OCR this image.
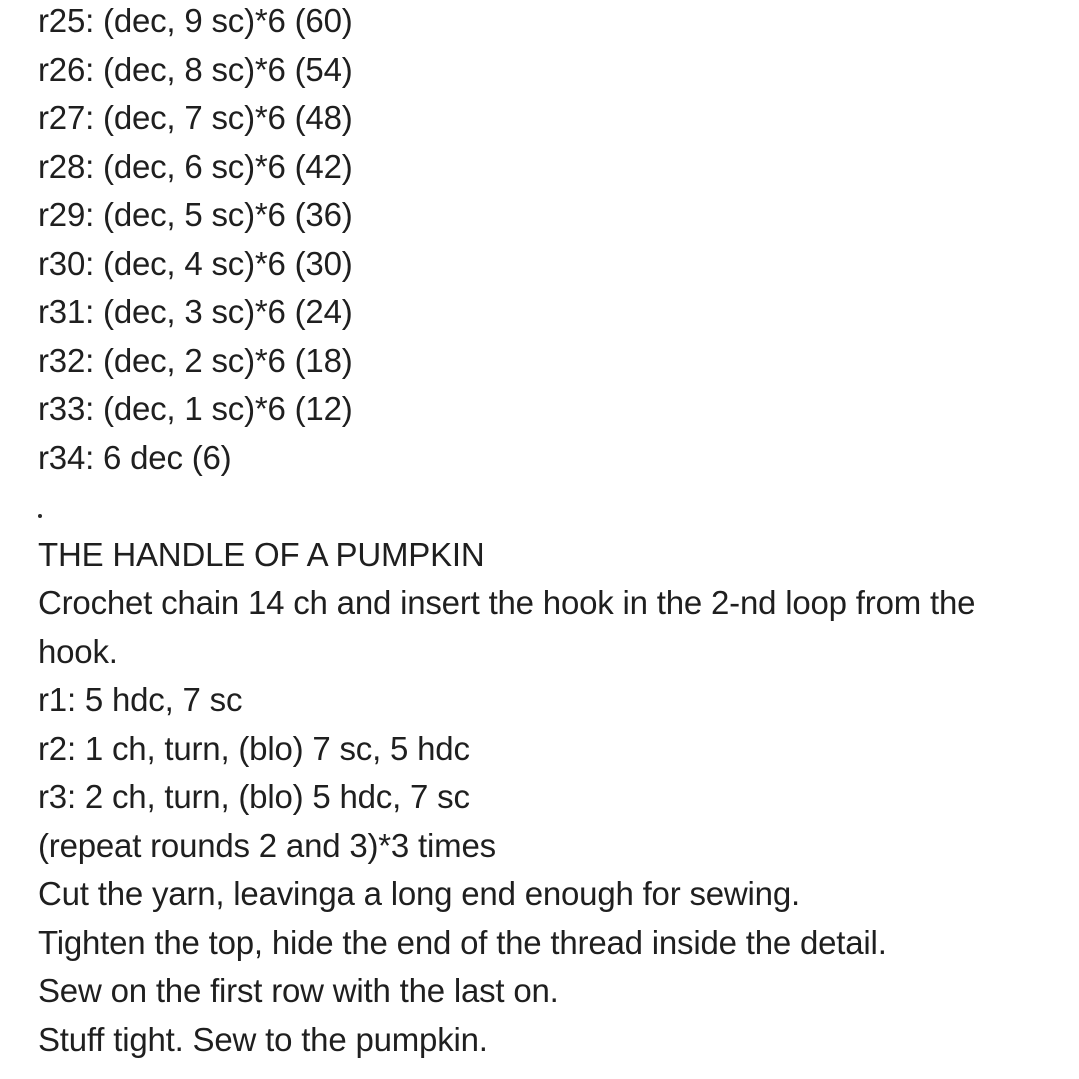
r25: (dec, 9 sc)*6 (60)
r26: (dec, 8 sc)*6 (54)
r27: (dec, 7 sc)*6 (48)
r28: (dec, 6 sc)*6 (42)
r29: (dec, 5 sc)*6 (36)
r30: (dec, 4 sc)*6 (30)
r31: (dec, 3 sc)*6 (24)
r32: (dec, 2 sc)*6 (18)
r33: (dec, 1 sc)*6 (12)
r34: 6 dec (6)
THE HANDLE OF A PUMPKIN
Crochet chain 14 ch and insert the hook in the 2-nd loop from the hook.
r1: 5 hdc, 7 sc
r2: 1 ch, turn, (blo) 7 sc, 5 hdc
r3: 2 ch, turn, (blo) 5 hdc, 7 sc
(repeat rounds 2 and 3)*3 times
Cut the yarn, leavinga a long end enough for sewing.
Tighten the top, hide the end of the thread inside the detail.
Sew on the first row with the last on.
Stuff tight. Sew to the pumpkin.
